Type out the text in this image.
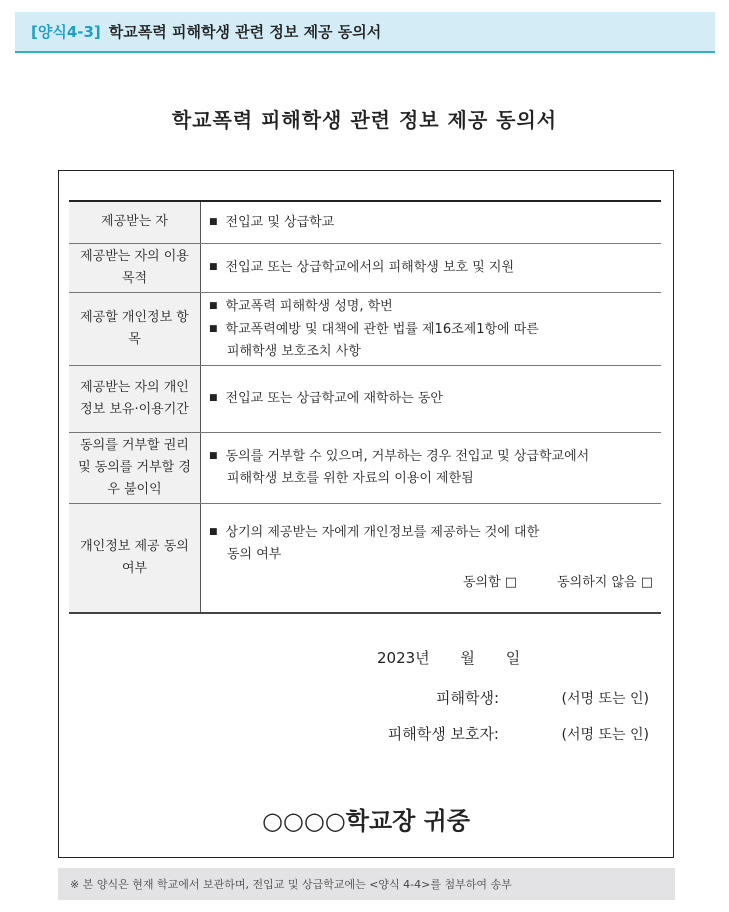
[양식4-3] 학교폭력 피해학생 관련 정보 제공 동의서
학교폭력 피해학생 관련 정보 제공 동의서
제공받는 자	■ 전입교 및 상급학교

제공받는 자의 이용목적	■ 전입교 또는 상급학교에서의 피해학생 보호 및 지원

제공할 개인정보 항목	■ 학교폭력 피해학생 성명, 학번
■ 학교폭력예방 및 대책에 관한 법률 제16조제1항에 따른
피해학생 보호조치 사항

제공받는 자의 개인정보 보유·이용기간	■ 전입교 또는 상급학교에 재학하는 동안

동의를 거부할 권리 및 동의를 거부할 경우 불이익	■ 동의를 거부할 수 있으며, 거부하는 경우 전입교 및 상급학교에서
피해학생 보호를 위한 자료의 이용이 제한됨

개인정보 제공 동의 여부	■ 상기의 제공받는 자에게 개인정보를 제공하는 것에 대한
동의 여부
동의함 □ 동의하지 않음 □
2023년 월 일
피해학생:	(서명 또는 인)
피해학생 보호자:	(서명 또는 인)
○○○○학교장 귀중
※ 본 양식은 현재 학교에서 보관하며, 전입교 및 상급학교에는 <양식 4-4>를 첨부하여 송부
